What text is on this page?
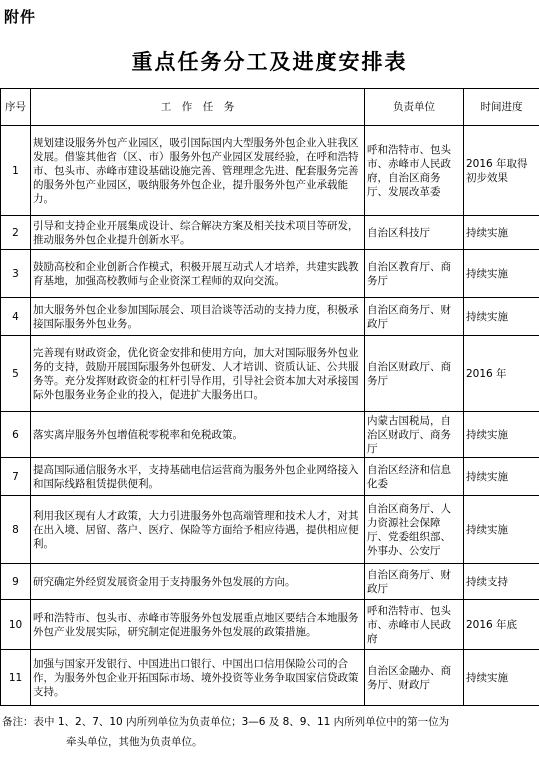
附件
重点任务分工及进度安排表
序号	工　作　任　务	负责单位	时间进度
1	规划建设服务外包产业园区，吸引国际国内大型服务外包企业入驻我区发展。借鉴其他省（区、市）服务外包产业园区发展经验，在呼和浩特市、包头市、赤峰市建设基础设施完善、管理理念先进、配套服务完善的服务外包产业园区，吸纳服务外包企业，提升服务外包产业承载能力。	呼和浩特市、包头市、赤峰市人民政府，自治区商务厅、发展改革委	2016 年取得初步效果
2	引导和支持企业开展集成设计、综合解决方案及相关技术项目等研发，推动服务外包企业提升创新水平。	自治区科技厅	持续实施
3	鼓励高校和企业创新合作模式，积极开展互动式人才培养，共建实践教育基地，加强高校教师与企业资深工程师的双向交流。	自治区教育厅、商务厅	持续实施
4	加大服务外包企业参加国际展会、项目洽谈等活动的支持力度，积极承接国际服务外包业务。	自治区商务厅、财政厅	持续实施
5	完善现有财政资金，优化资金安排和使用方向，加大对国际服务外包业务的支持，鼓励开展国际服务外包研发、人才培训、资质认证、公共服务等。充分发挥财政资金的杠杆引导作用，引导社会资本加大对承接国际外包服务业务企业的投入，促进扩大服务出口。	自治区财政厅、商务厅	2016 年
6	落实离岸服务外包增值税零税率和免税政策。	内蒙古国税局，自治区财政厅、商务厅	持续实施
7	提高国际通信服务水平，支持基础电信运营商为服务外包企业网络接入和国际线路租赁提供便利。	自治区经济和信息化委	持续实施
8	利用我区现有人才政策，大力引进服务外包高端管理和技术人才，对其在出入境、居留、落户、医疗、保险等方面给予相应待遇，提供相应便利。	自治区商务厅、人力资源社会保障厅、党委组织部、外事办、公安厅	持续实施
9	研究确定外经贸发展资金用于支持服务外包发展的方向。	自治区商务厅、财政厅	持续支持
10	呼和浩特市、包头市、赤峰市等服务外包发展重点地区要结合本地服务外包产业发展实际，研究制定促进服务外包发展的政策措施。	呼和浩特市、包头市、赤峰市人民政府	2016 年底
11	加强与国家开发银行、中国进出口银行、中国出口信用保险公司的合作，为服务外包企业开拓国际市场、境外投资等业务争取国家信贷政策支持。	自治区金融办、商务厅、财政厅	持续实施
备注：表中 1、2、7、10 内所列单位为负责单位；3—6 及 8、9、11 内所列单位中的第一位为
牵头单位，其他为负责单位。
